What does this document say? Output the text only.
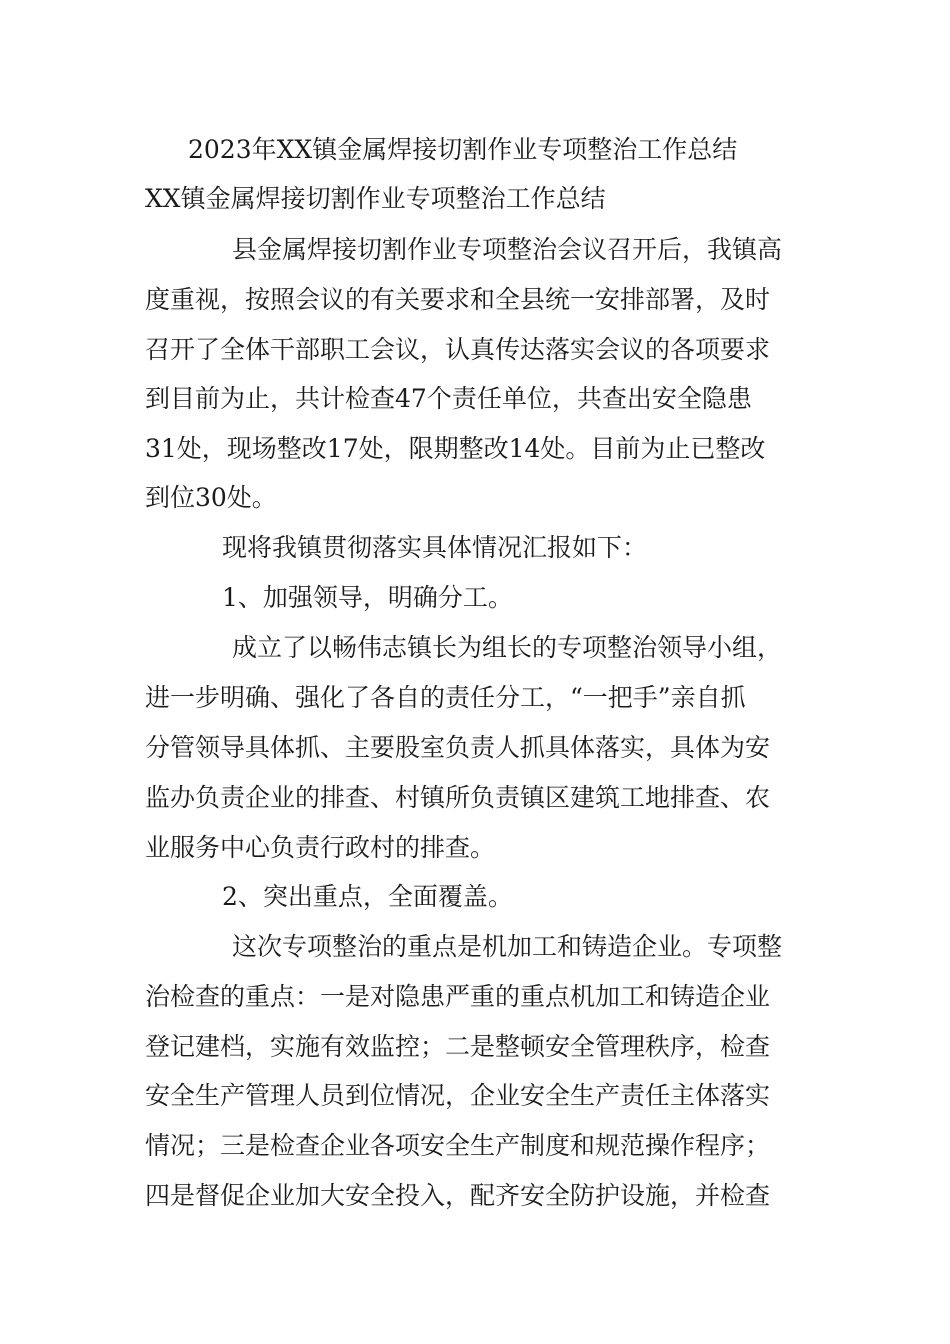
2023年XX镇金属焊接切割作业专项整治工作总结
XX镇金属焊接切割作业专项整治工作总结
县金属焊接切割作业专项整治会议召开后，我镇高
度重视，按照会议的有关要求和全县统一安排部署，及时
召开了全体干部职工会议，认真传达落实会议的各项要求
到目前为止，共计检查47个责任单位，共查出安全隐患
31处，现场整改17处，限期整改14处。目前为止已整改
到位30处。
现将我镇贯彻落实具体情况汇报如下：
1、加强领导，明确分工。
成立了以畅伟志镇长为组长的专项整治领导小组，
进一步明确、强化了各自的责任分工，“一把手”亲自抓
分管领导具体抓、主要股室负责人抓具体落实，具体为安
监办负责企业的排查、村镇所负责镇区建筑工地排查、农
业服务中心负责行政村的排查。
2、突出重点，全面覆盖。
这次专项整治的重点是机加工和铸造企业。专项整
治检查的重点：一是对隐患严重的重点机加工和铸造企业
登记建档，实施有效监控；二是整顿安全管理秩序，检查
安全生产管理人员到位情况，企业安全生产责任主体落实
情况；三是检查企业各项安全生产制度和规范操作程序；
四是督促企业加大安全投入，配齐安全防护设施，并检查
